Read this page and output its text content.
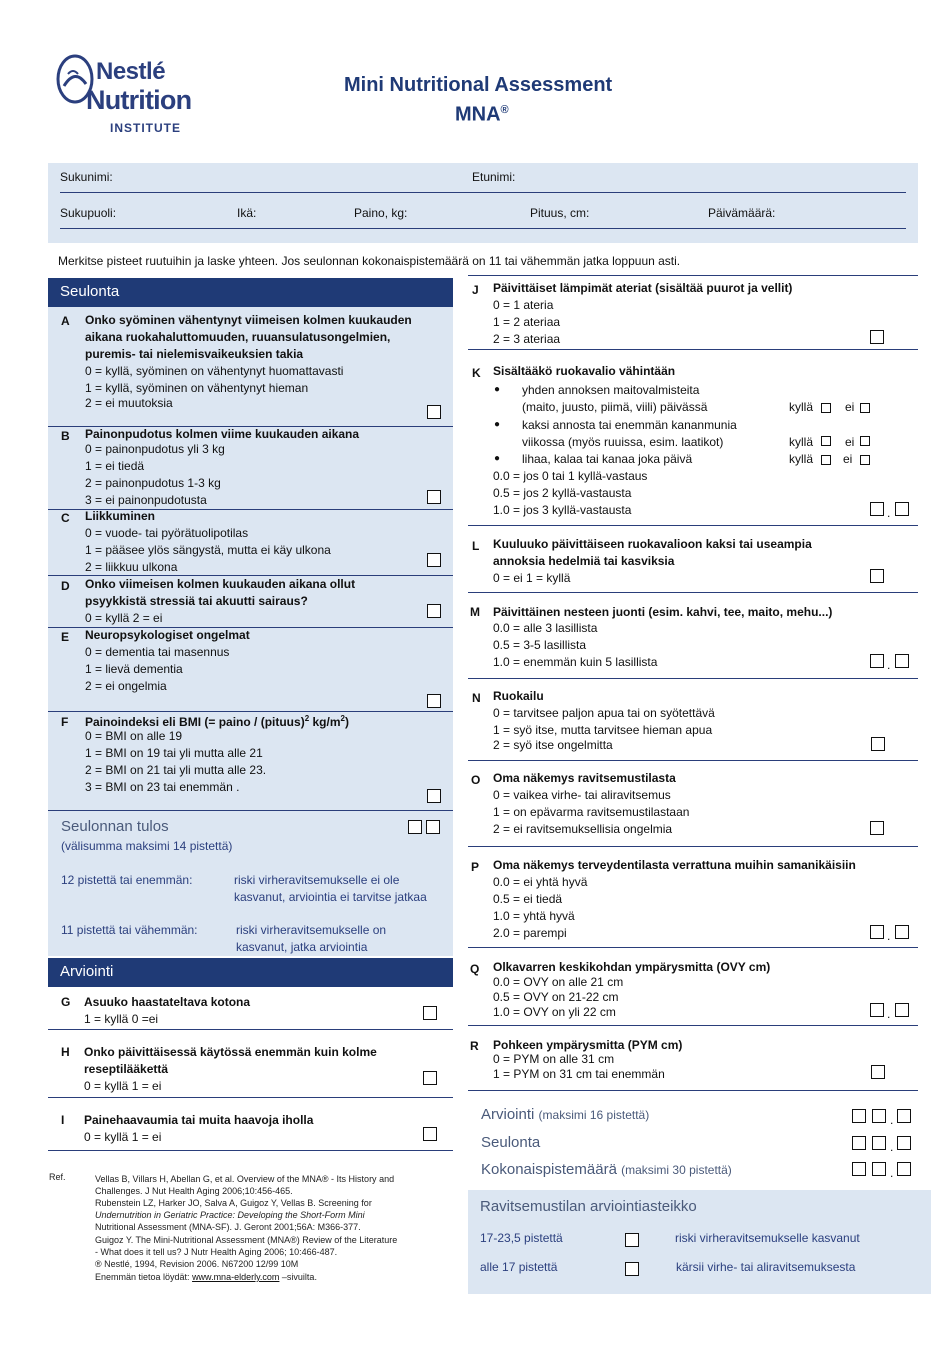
Nestlé
Nutrition
INSTITUTE
Mini Nutritional Assessment
MNA®
Sukunimi:	Etunimi:
Sukupuoli:	Ikä:	Paino, kg:	Pituus, cm:	Päivämäärä:
Merkitse pisteet ruutuihin ja laske yhteen. Jos seulonnan kokonaispistemäärä on 11 tai vähemmän jatka loppuun asti.
Seulonta
A Onko syöminen vähentynyt viimeisen kolmen kuukauden
aikana ruokahaluttomuuden, ruuansulatusongelmien,
puremis- tai nielemisvaikeuksien takia
0 = kyllä, syöminen on vähentynyt huomattavasti
1 = kyllä, syöminen on vähentynyt hieman
2 = ei muutoksia
B Painonpudotus kolmen viime kuukauden aikana
0 = painonpudotus yli 3 kg
1 = ei tiedä
2 = painonpudotus 1-3 kg
3 = ei painonpudotusta
C Liikkuminen
0 = vuode- tai pyörätuolipotilas
1 = pääsee ylös sängystä, mutta ei käy ulkona
2 = liikkuu ulkona
D Onko viimeisen kolmen kuukauden aikana ollut
psyykkistä stressiä tai akuutti sairaus?
0 = kyllä 2 = ei
E Neuropsykologiset ongelmat
0 = dementia tai masennus
1 = lievä dementia
2 = ei ongelmia
F Painoindeksi eli BMI (= paino / (pituus)$^2$ $kg/m^2$)
0 = BMI on alle 19
1 = BMI on 19 tai yli mutta alle 21
2 = BMI on 21 tai yli mutta alle 23.
3 = BMI on 23 tai enemmän .
Seulonnan tulos
(välisumma maksimi 14 pistettä)
12 pistettä tai enemmän:	riski virheravitsemukselle ei ole
kasvanut, arviointia ei tarvitse jatkaa
11 pistettä tai vähemmän:	riski virheravitsemukselle on
kasvanut, jatka arviointia
Arviointi
G Asuuko haastateltava kotona
1 = kyllä 0 =ei
H Onko päivittäisessä käytössä enemmän kuin kolme
reseptilääkettä
0 = kyllä 1 = ei
I Painehaavaumia tai muita haavoja iholla
0 = kyllä 1 = ei
Ref.	Vellas B, Villars H, Abellan G, et al. Overview of the MNA® - Its History and
Challenges. J Nut Health Aging 2006;10:456-465.
Rubenstein LZ, Harker JO, Salva A, Guigoz Y, Vellas B. Screening for
Undernutrition in Geriatric Practice: Developing the Short-Form Mini
Nutritional Assessment (MNA-SF). J. Geront 2001;56A: M366-377.
Guigoz Y. The Mini-Nutritional Assessment (MNA®) Review of the Literature
- What does it tell us? J Nutr Health Aging 2006; 10:466-487.
® Nestlé, 1994, Revision 2006. N67200 12/99 10M
Enemmän tietoa löydät: www.mna-elderly.com –sivuilta.
J Päivittäiset lämpimät ateriat (sisältää puurot ja vellit)
0 = 1 ateria
1 = 2 ateriaa
2 = 3 ateriaa
K Sisältääkö ruokavalio vähintään
● yhden annoksen maitovalmisteita
(maito, juusto, piimä, viili) päivässä	kyllä	ei
● kaksi annosta tai enemmän kananmunia
viikossa (myös ruuissa, esim. laatikot)	kyllä	ei
● lihaa, kalaa tai kanaa joka päivä	kyllä ei
0.0 = jos 0 tai 1 kyllä-vastaus
0.5 = jos 2 kyllä-vastausta
1.0 = jos 3 kyllä-vastausta	.
L Kuuluuko päivittäiseen ruokavalioon kaksi tai useampia
annoksia hedelmiä tai kasviksia
0 = ei 1 = kyllä
M Päivittäinen nesteen juonti (esim. kahvi, tee, maito, mehu...)
0.0 = alle 3 lasillista
0.5 = 3-5 lasillista
1.0 = enemmän kuin 5 lasillista	.
N Ruokailu
0 = tarvitsee paljon apua tai on syötettävä
1 = syö itse, mutta tarvitsee hieman apua
2 = syö itse ongelmitta
O Oma näkemys ravitsemustilasta
0 = vaikea virhe- tai aliravitsemus
1 = on epävarma ravitsemustilastaan
2 = ei ravitsemuksellisia ongelmia
P Oma näkemys terveydentilasta verrattuna muihin samanikäisiin
0.0 = ei yhtä hyvä
0.5 = ei tiedä
1.0 = yhtä hyvä
2.0 = parempi	.
Q Olkavarren keskikohdan ympärysmitta (OVY cm)
0.0 = OVY on alle 21 cm
0.5 = OVY on 21-22 cm
1.0 = OVY on yli 22 cm	.
R Pohkeen ympärysmitta (PYM cm)
0 = PYM on alle 31 cm
1 = PYM on 31 cm tai enemmän
Arviointi (maksimi 16 pistettä)	.
Seulonta	.
Kokonaispistemäärä (maksimi 30 pistettä)	.
Ravitsemustilan arviointiasteikko
17-23,5 pistettä	riski virheravitsemukselle kasvanut
alle 17 pistettä	kärsii virhe- tai aliravitsemuksesta
